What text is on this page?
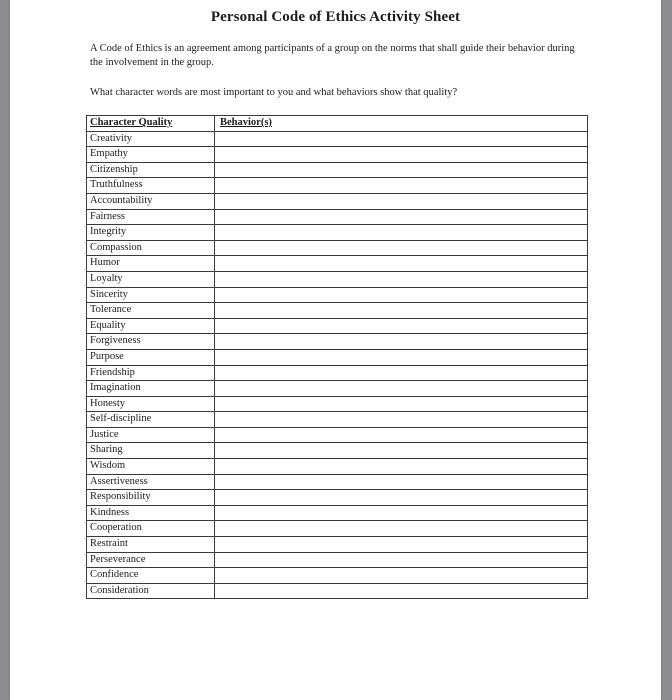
Personal Code of Ethics Activity Sheet
A Code of Ethics is an agreement among participants of a group on the norms that shall guide their behavior during the involvement in the group.
What character words are most important to you and what behaviors show that quality?
Character Quality	Behavior(s)
Creativity	
Empathy	
Citizenship	
Truthfulness	
Accountability	
Fairness	
Integrity	
Compassion	
Humor	
Loyalty	
Sincerity	
Tolerance	
Equality	
Forgiveness	
Purpose	
Friendship	
Imagination	
Honesty	
Self-discipline	
Justice	
Sharing	
Wisdom	
Assertiveness	
Responsibility	
Kindness	
Cooperation	
Restraint	
Perseverance	
Confidence	
Consideration	
